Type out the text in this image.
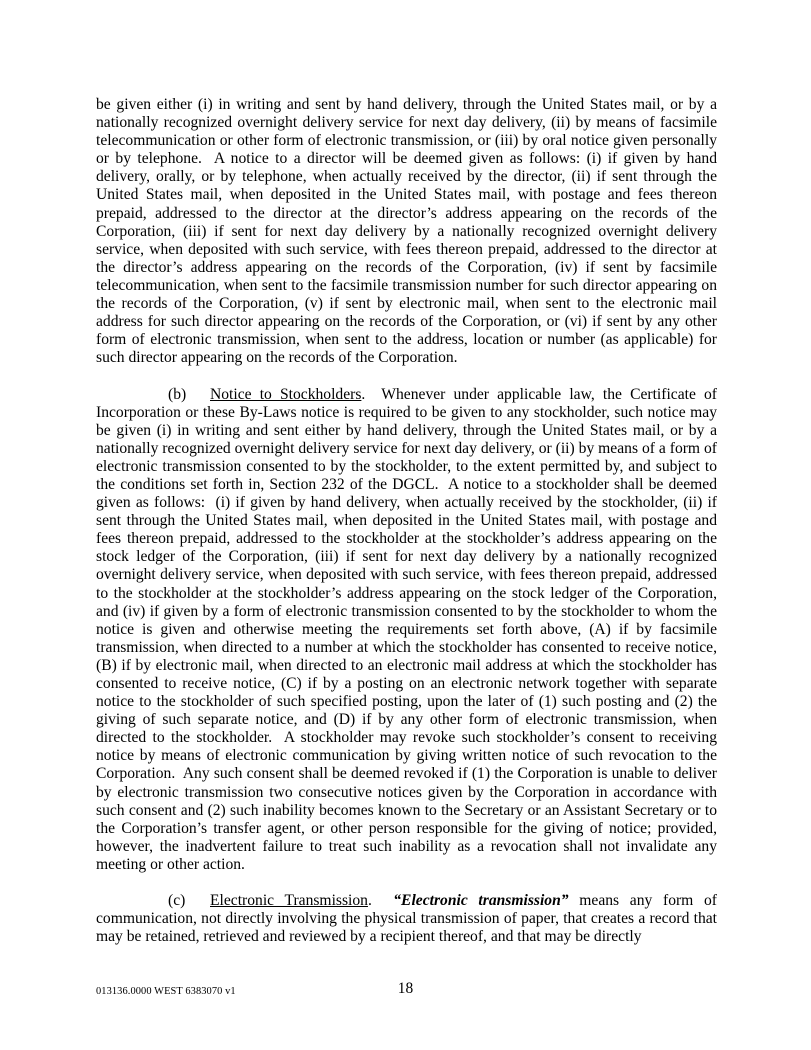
be given either (i) in writing and sent by hand delivery, through the United States mail, or by a nationally recognized overnight delivery service for next day delivery, (ii) by means of facsimile telecommunication or other form of electronic transmission, or (iii) by oral notice given personally or by telephone.  A notice to a director will be deemed given as follows: (i) if given by hand delivery, orally, or by telephone, when actually received by the director, (ii) if sent through the United States mail, when deposited in the United States mail, with postage and fees thereon prepaid, addressed to the director at the director’s address appearing on the records of the Corporation, (iii) if sent for next day delivery by a nationally recognized overnight delivery service, when deposited with such service, with fees thereon prepaid, addressed to the director at the director’s address appearing on the records of the Corporation, (iv) if sent by facsimile telecommunication, when sent to the facsimile transmission number for such director appearing on the records of the Corporation, (v) if sent by electronic mail, when sent to the electronic mail address for such director appearing on the records of the Corporation, or (vi) if sent by any other form of electronic transmission, when sent to the address, location or number (as applicable) for such director appearing on the records of the Corporation.

(b) Notice to Stockholders.  Whenever under applicable law, the Certificate of Incorporation or these By-Laws notice is required to be given to any stockholder, such notice may be given (i) in writing and sent either by hand delivery, through the United States mail, or by a nationally recognized overnight delivery service for next day delivery, or (ii) by means of a form of electronic transmission consented to by the stockholder, to the extent permitted by, and subject to the conditions set forth in, Section 232 of the DGCL.  A notice to a stockholder shall be deemed given as follows:  (i) if given by hand delivery, when actually received by the stockholder, (ii) if sent through the United States mail, when deposited in the United States mail, with postage and fees thereon prepaid, addressed to the stockholder at the stockholder’s address appearing on the stock ledger of the Corporation, (iii) if sent for next day delivery by a nationally recognized overnight delivery service, when deposited with such service, with fees thereon prepaid, addressed to the stockholder at the stockholder’s address appearing on the stock ledger of the Corporation, and (iv) if given by a form of electronic transmission consented to by the stockholder to whom the notice is given and otherwise meeting the requirements set forth above, (A) if by facsimile transmission, when directed to a number at which the stockholder has consented to receive notice, (B) if by electronic mail, when directed to an electronic mail address at which the stockholder has consented to receive notice, (C) if by a posting on an electronic network together with separate notice to the stockholder of such specified posting, upon the later of (1) such posting and (2) the giving of such separate notice, and (D) if by any other form of electronic transmission, when directed to the stockholder.  A stockholder may revoke such stockholder’s consent to receiving notice by means of electronic communication by giving written notice of such revocation to the Corporation.  Any such consent shall be deemed revoked if (1) the Corporation is unable to deliver by electronic transmission two consecutive notices given by the Corporation in accordance with such consent and (2) such inability becomes known to the Secretary or an Assistant Secretary or to the Corporation’s transfer agent, or other person responsible for the giving of notice; provided, however, the inadvertent failure to treat such inability as a revocation shall not invalidate any meeting or other action.

(c) Electronic Transmission.  “Electronic transmission” means any form of communication, not directly involving the physical transmission of paper, that creates a record that may be retained, retrieved and reviewed by a recipient thereof, and that may be directly

013136.0000 WEST 6383070 v1	18
